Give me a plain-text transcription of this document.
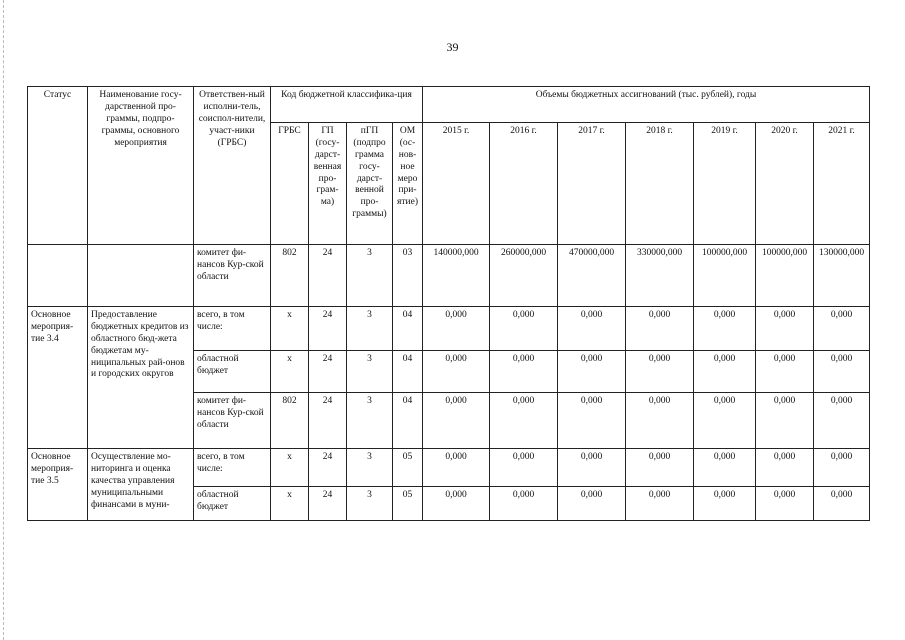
39
Статус	Наименование госу-дарственной про-граммы, подпро-граммы, основного мероприятия	Ответствен-ный исполни-тель, соиспол-нители, участ-ники (ГРБС)	Код бюджетной классифика-ция				Объемы бюджетных ассигнований (тыс. рублей), годы						
			ГРБС	ГП (госу-дарст-венная про-грам-ма)	пГП (подпро грамма госу-дарст-венной про-граммы)	ОМ (ос-нов-ное меро при-ятие)	2015 г.	2016 г.	2017 г.	2018 г.	2019 г.	2020 г.	2021 г.
		комитет фи-нансов Кур-ской области	802	24	3	03	140000,000	260000,000	470000,000	330000,000	100000,000	100000,000	130000,000
Основное мероприя-тие 3.4	Предоставление бюджетных кредитов из областного бюд-жета бюджетам му-ниципальных рай-онов и городских округов	всего, в том числе:	х	24	3	04	0,000	0,000	0,000	0,000	0,000	0,000	0,000
		областной бюджет	х	24	3	04	0,000	0,000	0,000	0,000	0,000	0,000	0,000
		комитет фи-нансов Кур-ской области	802	24	3	04	0,000	0,000	0,000	0,000	0,000	0,000	0,000
Основное мероприя-тие 3.5	Осуществление мо-ниторинга и оценка качества управления муниципальными финансами в муни-	всего, в том числе:	х	24	3	05	0,000	0,000	0,000	0,000	0,000	0,000	0,000
		областной бюджет	х	24	3	05	0,000	0,000	0,000	0,000	0,000	0,000	0,000
